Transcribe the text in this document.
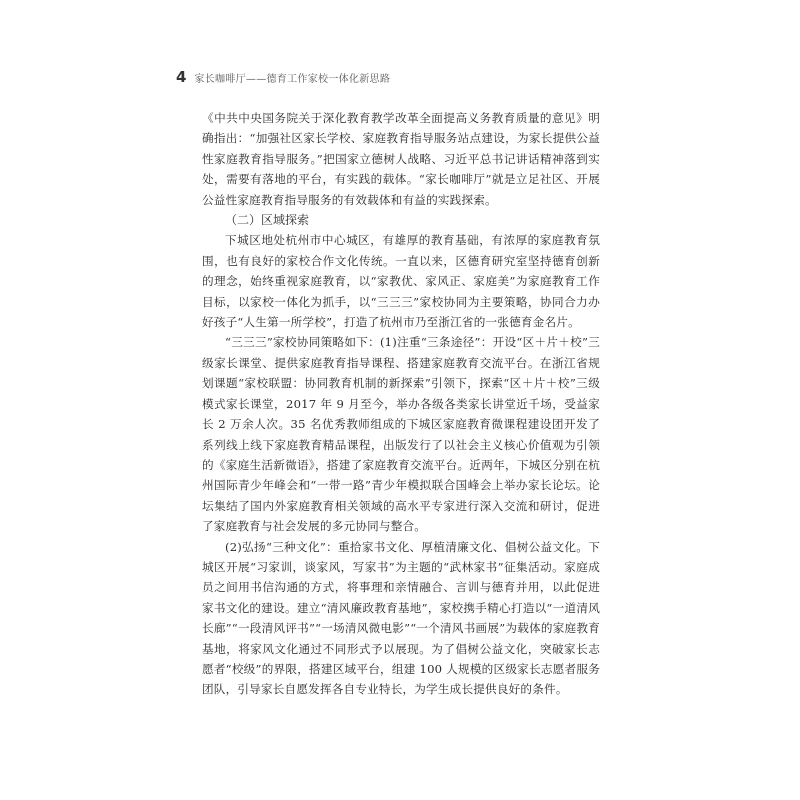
4 家长咖啡厅——德育工作家校一体化新思路

《中共中央国务院关于深化教育教学改革全面提高义务教育质量的意见》明确指出：“加强社区家长学校、家庭教育指导服务站点建设，为家长提供公益性家庭教育指导服务。”把国家立德树人战略、习近平总书记讲话精神落到实处，需要有落地的平台，有实践的载体。“家长咖啡厅”就是立足社区、开展公益性家庭教育指导服务的有效载体和有益的实践探索。

（二）区域探索

下城区地处杭州市中心城区，有雄厚的教育基础，有浓厚的家庭教育氛围，也有良好的家校合作文化传统。一直以来，区德育研究室坚持德育创新的理念，始终重视家庭教育，以“家教优、家风正、家庭美”为家庭教育工作目标，以家校一体化为抓手，以“三三三”家校协同为主要策略，协同合力办好孩子“人生第一所学校”，打造了杭州市乃至浙江省的一张德育金名片。

“三三三”家校协同策略如下：(1)注重“三条途径”：开设“区＋片＋校”三级家长课堂、提供家庭教育指导课程、搭建家庭教育交流平台。在浙江省规划课题“家校联盟：协同教育机制的新探索”引领下，探索“区＋片＋校”三级模式家长课堂，2017 年 9 月至今，举办各级各类家长讲堂近千场，受益家长 2 万余人次。35 名优秀教师组成的下城区家庭教育微课程建设团开发了系列线上线下家庭教育精品课程，出版发行了以社会主义核心价值观为引领的《家庭生活新微语》，搭建了家庭教育交流平台。近两年，下城区分别在杭州国际青少年峰会和“一带一路”青少年模拟联合国峰会上举办家长论坛。论坛集结了国内外家庭教育相关领域的高水平专家进行深入交流和研讨，促进了家庭教育与社会发展的多元协同与整合。

(2)弘扬“三种文化”：重拾家书文化、厚植清廉文化、倡树公益文化。下城区开展“习家训，谈家风，写家书”为主题的“武林家书”征集活动。家庭成员之间用书信沟通的方式，将事理和亲情融合、言训与德育并用，以此促进家书文化的建设。建立“清风廉政教育基地”，家校携手精心打造以“一道清风长廊”“一段清风评书”“一场清风微电影”“一个清风书画展”为载体的家庭教育基地，将家风文化通过不同形式予以展现。为了倡树公益文化，突破家长志愿者“校级”的界限，搭建区域平台，组建 100 人规模的区级家长志愿者服务团队，引导家长自愿发挥各自专业特长，为学生成长提供良好的条件。
